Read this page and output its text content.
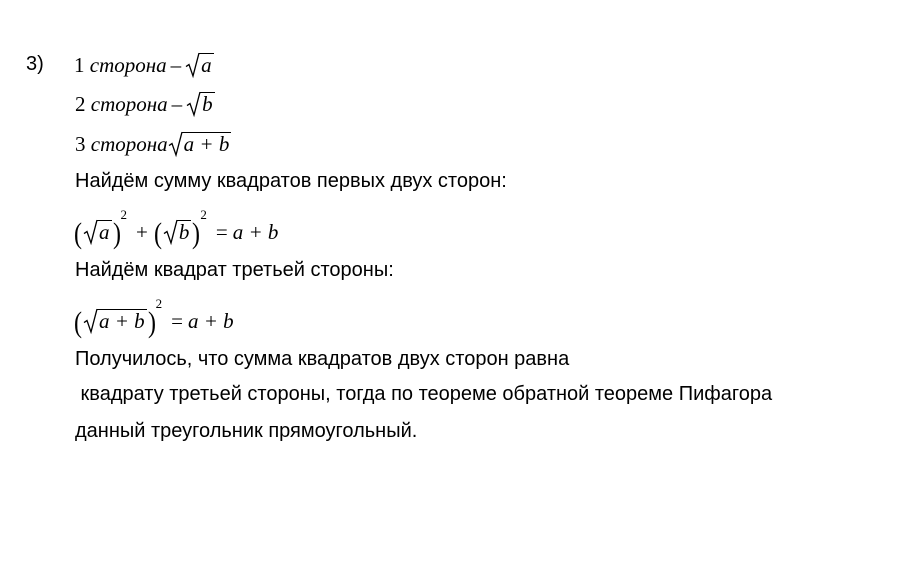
3) 1 сторона – a
2 сторона – b
3 сторона a + b
Найдём сумму квадратов первых двух сторон:
( a )$^2$+ ( b )$^2$= a + b
Найдём квадрат третьей стороны:
( a + b )$^2$= a + b
Получилось, что сумма квадратов двух сторон равна
квадрату третьей стороны, тогда по теореме обратной теореме Пифагора
данный треугольник прямоугольный.
